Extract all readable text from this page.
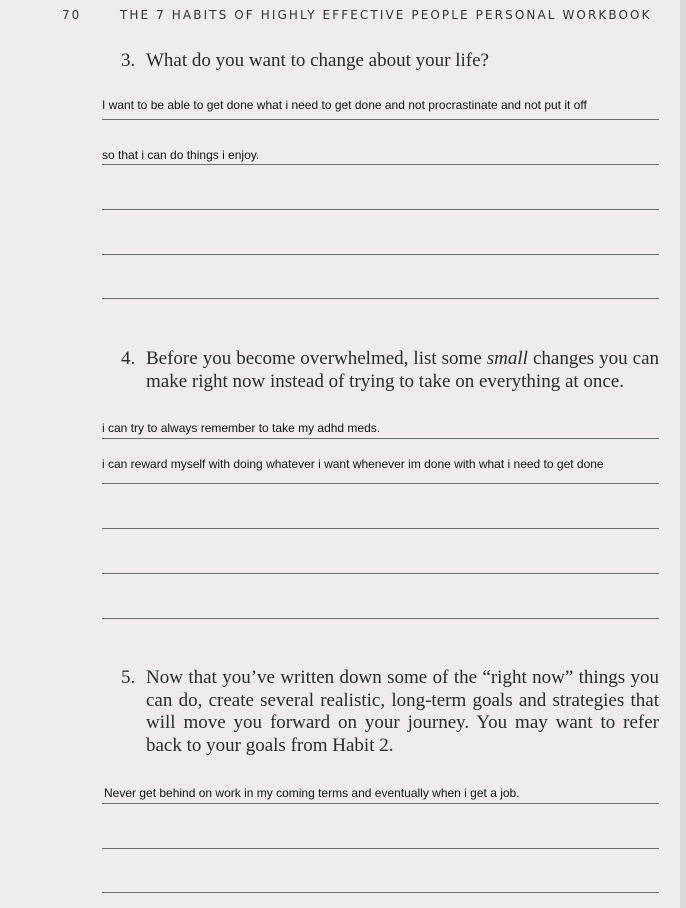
70	THE 7 HABITS OF HIGHLY EFFECTIVE PEOPLE PERSONAL WORKBOOK
3. What do you want to change about your life?
I want to be able to get done what i need to get done and not procrastinate and not put it off
so that i can do things i enjoy.
4. Before you become overwhelmed, list some small changes you can make right now instead of trying to take on everything at once.
i can try to always remember to take my adhd meds.
i can reward myself with doing whatever i want whenever im done with what i need to get done
5. Now that you’ve written down some of the “right now” things you can do, create several realistic, long-term goals and strategies that will move you forward on your journey. You may want to refer back to your goals from Habit 2.
Never get behind on work in my coming terms and eventually when i get a job.
